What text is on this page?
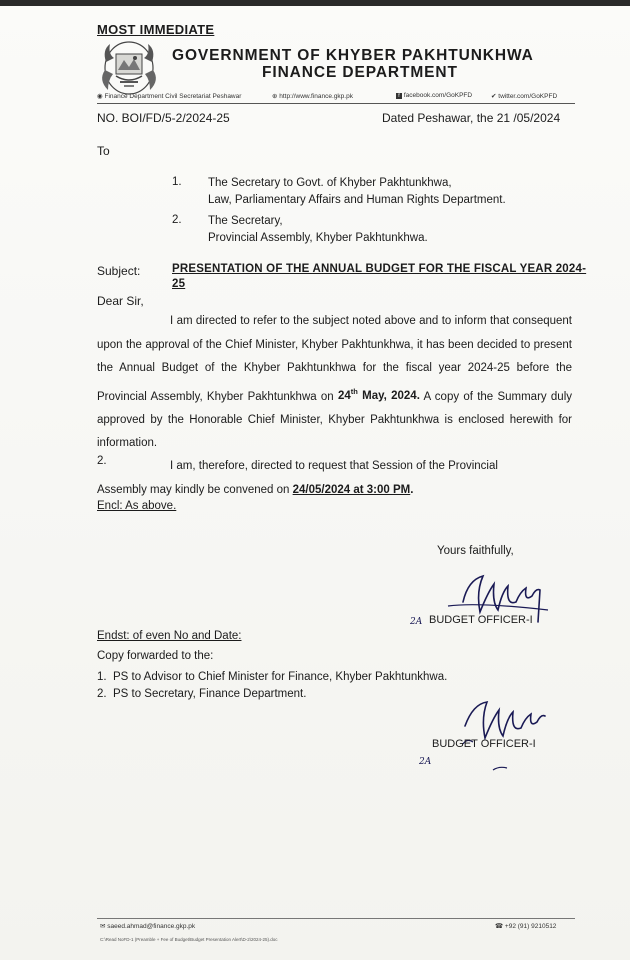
MOST IMMEDIATE
GOVERNMENT OF KHYBER PAKHTUNKHWA
FINANCE DEPARTMENT
◉ Finance Department Civil Secretariat Peshawar	⊕ http://www.finance.gkp.pk	f facebook.com/GoKPFD	✔ twitter.com/GoKPFD
NO. BOI/FD/5-2/2024-25	Dated Peshawar, the 21 /05/2024
To
1. The Secretary to Govt. of Khyber Pakhtunkhwa,
Law, Parliamentary Affairs and Human Rights Department.
2. The Secretary,
Provincial Assembly, Khyber Pakhtunkhwa.
Subject:	PRESENTATION OF THE ANNUAL BUDGET FOR THE FISCAL YEAR 2024-25
Dear Sir,
I am directed to refer to the subject noted above and to inform that consequent upon the approval of the Chief Minister, Khyber Pakhtunkhwa, it has been decided to present the Annual Budget of the Khyber Pakhtunkhwa for the fiscal year 2024-25 before the Provincial Assembly, Khyber Pakhtunkhwa on 24th May, 2024. A copy of the Summary duly approved by the Honorable Chief Minister, Khyber Pakhtunkhwa is enclosed herewith for information.
2.	I am, therefore, directed to request that Session of the Provincial
Assembly may kindly be convened on 24/05/2024 at 3:00 PM.
Encl: As above.
Yours faithfully,
2A BUDGET OFFICER-I
Endst: of even No and Date:
Copy forwarded to the:
1. PS to Advisor to Chief Minister for Finance, Khyber Pakhtunkhwa.
2. PS to Secretary, Finance Department.
2A
BUDGET OFFICER-I
✉ saeed.ahmad@finance.gkp.pk	☎ +92 (91) 9210512
C:\Read NoFD-1 (Preamble + Fee of Budget\Budget Presentation Alert\D-2\2024-25).doc
